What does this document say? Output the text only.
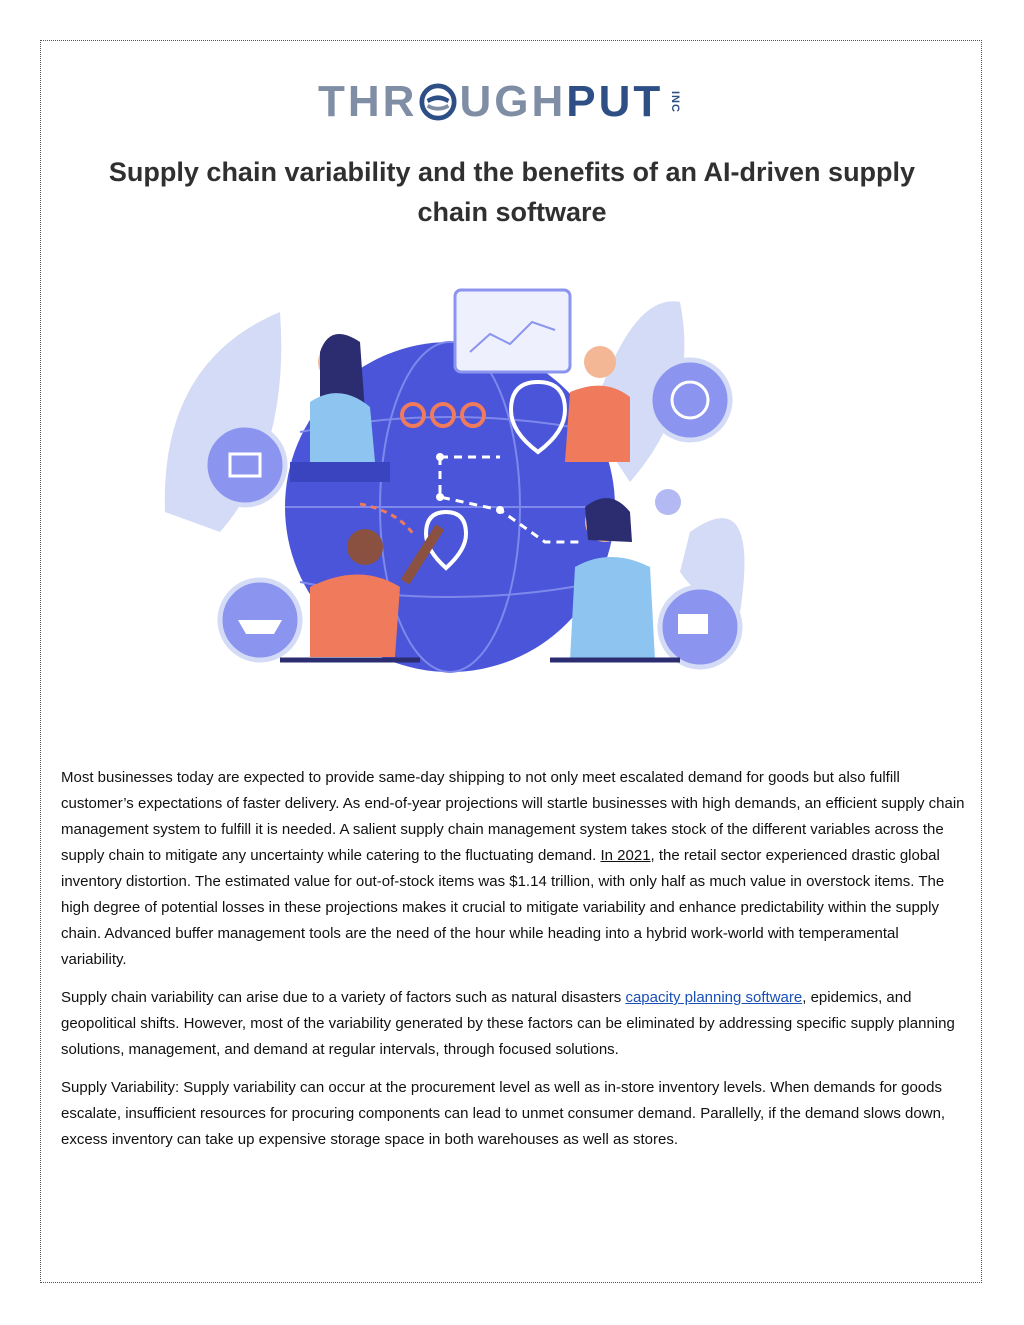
THR UGH PUT INC
Supply chain variability and the benefits of an AI-driven supply chain software

Most businesses today are expected to provide same-day shipping to not only meet escalated demand for goods but also fulfill customer’s expectations of faster delivery. As end-of-year projections will startle businesses with high demands, an efficient supply chain management system to fulfill it is needed. A salient supply chain management system takes stock of the different variables across the supply chain to mitigate any uncertainty while catering to the fluctuating demand. In 2021, the retail sector experienced drastic global inventory distortion. The estimated value for out-of-stock items was $1.14 trillion, with only half as much value in overstock items. The high degree of potential losses in these projections makes it crucial to mitigate variability and enhance predictability within the supply chain. Advanced buffer management tools are the need of the hour while heading into a hybrid work-world with temperamental variability.

Supply chain variability can arise due to a variety of factors such as natural disasters capacity planning software, epidemics, and geopolitical shifts. However, most of the variability generated by these factors can be eliminated by addressing specific supply planning solutions, management, and demand at regular intervals, through focused solutions.

Supply Variability: Supply variability can occur at the procurement level as well as in-store inventory levels. When demands for goods escalate, insufficient resources for procuring components can lead to unmet consumer demand. Parallelly, if the demand slows down, excess inventory can take up expensive storage space in both warehouses as well as stores.
